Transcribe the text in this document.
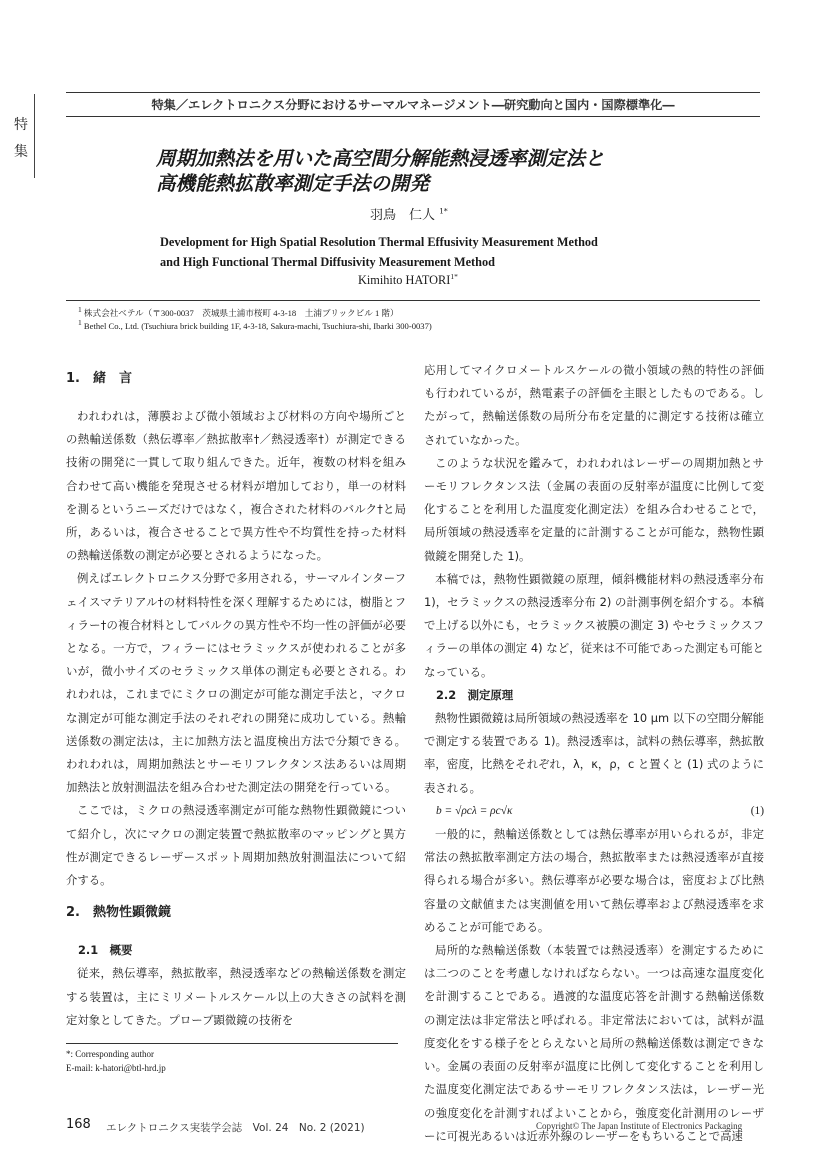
特集
特集／エレクトロニクス分野におけるサーマルマネージメント―研究動向と国内・国際標準化―
周期加熱法を用いた高空間分解能熱浸透率測定法と
高機能熱拡散率測定手法の開発
羽鳥　仁人 $^{1*}$
Development for High Spatial Resolution Thermal Effusivity Measurement Method
and High Functional Thermal Diffusivity Measurement Method
Kimihito $HATORI^{1*}$
$^1$ 株式会社ベテル（〒300-0037　茨城県土浦市桜町 4-3-18　土浦ブリックビル 1 階）
$^1$ Bethel Co., Ltd. (Tsuchiura brick building 1F, 4-3-18, Sakura-machi, Tsuchiura-shi, Ibarki 300-0037)
1.　緒　言

われわれは，薄膜および微小領域および材料の方向や場所ごとの熱輸送係数（熱伝導率／熱拡散率†／熱浸透率†）が測定できる技術の開発に一貫して取り組んできた。近年，複数の材料を組み合わせて高い機能を発現させる材料が増加しており，単一の材料を測るというニーズだけではなく，複合された材料のバルク†と局所，あるいは，複合させることで異方性や不均質性を持った材料の熱輸送係数の測定が必要とされるようになった。

例えばエレクトロニクス分野で多用される，サーマルインターフェイスマテリアル†の材料特性を深く理解するためには，樹脂とフィラー†の複合材料としてバルクの異方性や不均一性の評価が必要となる。一方で，フィラーにはセラミックスが使われることが多いが，微小サイズのセラミックス単体の測定も必要とされる。われわれは，これまでにミクロの測定が可能な測定手法と，マクロな測定が可能な測定手法のそれぞれの開発に成功している。熱輸送係数の測定法は，主に加熱方法と温度検出方法で分類できる。われわれは，周期加熱法とサーモリフレクタンス法あるいは周期加熱法と放射測温法を組み合わせた測定法の開発を行っている。

ここでは，ミクロの熱浸透率測定が可能な熱物性顕微鏡について紹介し，次にマクロの測定装置で熱拡散率のマッピングと異方性が測定できるレーザースポット周期加熱放射測温法について紹介する。

2.　熱物性顕微鏡
2.1　概要

従来，熱伝導率，熱拡散率，熱浸透率などの熱輸送係数を測定する装置は，主にミリメートルスケール以上の大きさの試料を測定対象としてきた。プローブ顕微鏡の技術を

応用してマイクロメートルスケールの微小領域の熱的特性の評価も行われているが，熱電素子の評価を主眼としたものである。したがって，熱輸送係数の局所分布を定量的に測定する技術は確立されていなかった。

このような状況を鑑みて，われわれはレーザーの周期加熱とサーモリフレクタンス法（金属の表面の反射率が温度に比例して変化することを利用した温度変化測定法）を組み合わせることで，局所領域の熱浸透率を定量的に計測することが可能な，熱物性顕微鏡を開発した 1)。

本稿では，熱物性顕微鏡の原理，傾斜機能材料の熱浸透率分布 1)，セラミックスの熱浸透率分布 2) の計測事例を紹介する。本稿で上げる以外にも，セラミックス被膜の測定 3) やセラミックスフィラーの単体の測定 4) など，従来は不可能であった測定も可能となっている。

2.2　測定原理

熱物性顕微鏡は局所領域の熱浸透率を 10 μm 以下の空間分解能で測定する装置である 1)。熱浸透率は，試料の熱伝導率，熱拡散率，密度，比熱をそれぞれ，λ，κ，ρ，c と置くと (1) 式のように表される。

b = √ρcλ = ρc√κ	(1)

一般的に，熱輸送係数としては熱伝導率が用いられるが，非定常法の熱拡散率測定方法の場合，熱拡散率または熱浸透率が直接得られる場合が多い。熱伝導率が必要な場合は，密度および比熱容量の文献値または実測値を用いて熱伝導率および熱浸透率を求めることが可能である。

局所的な熱輸送係数（本装置では熱浸透率）を測定するためには二つのことを考慮しなければならない。一つは高速な温度変化を計測することである。過渡的な温度応答を計測する熱輸送係数の測定法は非定常法と呼ばれる。非定常法においては，試料が温度変化をする様子をとらえないと局所の熱輸送係数は測定できない。金属の表面の反射率が温度に比例して変化することを利用した温度変化測定法であるサーモリフレクタンス法は，レーザー光の強度変化を計測すればよいことから，強度変化計測用のレーザーに可視光あるいは近赤外線のレーザーをもちいることで高速

*: Corresponding author
E-mail: k-hatori@btl-hrd.jp
168 エレクトロニクス実装学会誌　Vol. 24　No. 2 (2021)	Copyright© The Japan Institute of Electronics Packaging
